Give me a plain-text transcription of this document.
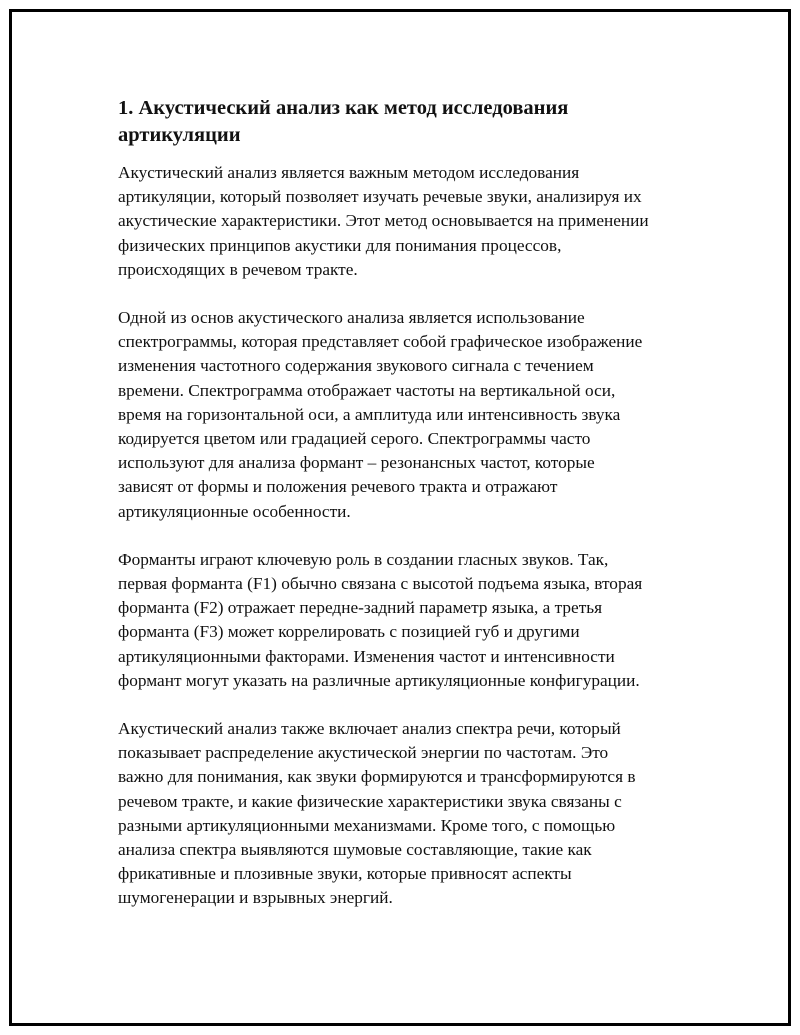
1. Акустический анализ как метод исследования
артикуляции

Акустический анализ является важным методом исследования
артикуляции, который позволяет изучать речевые звуки, анализируя их
акустические характеристики. Этот метод основывается на применении
физических принципов акустики для понимания процессов,
происходящих в речевом тракте.

Одной из основ акустического анализа является использование
спектрограммы, которая представляет собой графическое изображение
изменения частотного содержания звукового сигнала с течением
времени. Спектрограмма отображает частоты на вертикальной оси,
время на горизонтальной оси, а амплитуда или интенсивность звука
кодируется цветом или градацией серого. Спектрограммы часто
используют для анализа формант – резонансных частот, которые
зависят от формы и положения речевого тракта и отражают
артикуляционные особенности.

Форманты играют ключевую роль в создании гласных звуков. Так,
первая форманта (F1) обычно связана с высотой подъема языка, вторая
форманта (F2) отражает передне-задний параметр языка, а третья
форманта (F3) может коррелировать с позицией губ и другими
артикуляционными факторами. Изменения частот и интенсивности
формант могут указать на различные артикуляционные конфигурации.

Акустический анализ также включает анализ спектра речи, который
показывает распределение акустической энергии по частотам. Это
важно для понимания, как звуки формируются и трансформируются в
речевом тракте, и какие физические характеристики звука связаны с
разными артикуляционными механизмами. Кроме того, с помощью
анализа спектра выявляются шумовые составляющие, такие как
фрикативные и плозивные звуки, которые привносят аспекты
шумогенерации и взрывных энергий.
